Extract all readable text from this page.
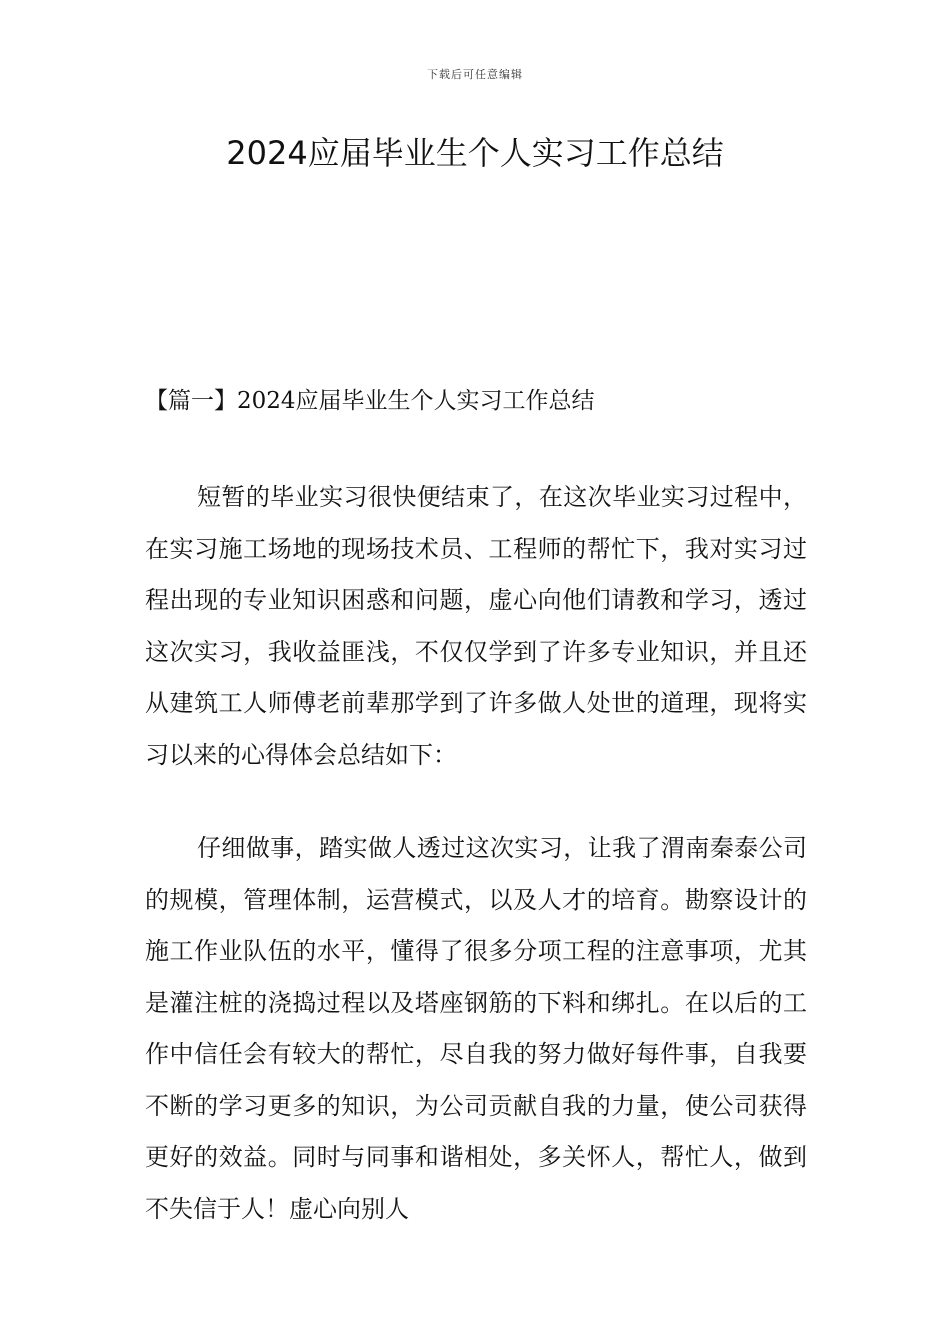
下载后可任意编辑
2024应届毕业生个人实习工作总结
【篇一】2024应届毕业生个人实习工作总结

短暂的毕业实习很快便结束了，在这次毕业实习过程中，在实习施工场地的现场技术员、工程师的帮忙下，我对实习过程出现的专业知识困惑和问题，虚心向他们请教和学习，透过这次实习，我收益匪浅，不仅仅学到了许多专业知识，并且还从建筑工人师傅老前辈那学到了许多做人处世的道理，现将实习以来的心得体会总结如下：

仔细做事，踏实做人透过这次实习，让我了渭南秦泰公司的规模，管理体制，运营模式，以及人才的培育。勘察设计的施工作业队伍的水平，懂得了很多分项工程的注意事项，尤其是灌注桩的浇捣过程以及塔座钢筋的下料和绑扎。在以后的工作中信任会有较大的帮忙，尽自我的努力做好每件事，自我要不断的学习更多的知识，为公司贡献自我的力量，使公司获得更好的效益。同时与同事和谐相处，多关怀人，帮忙人，做到不失信于人！虚心向别人
